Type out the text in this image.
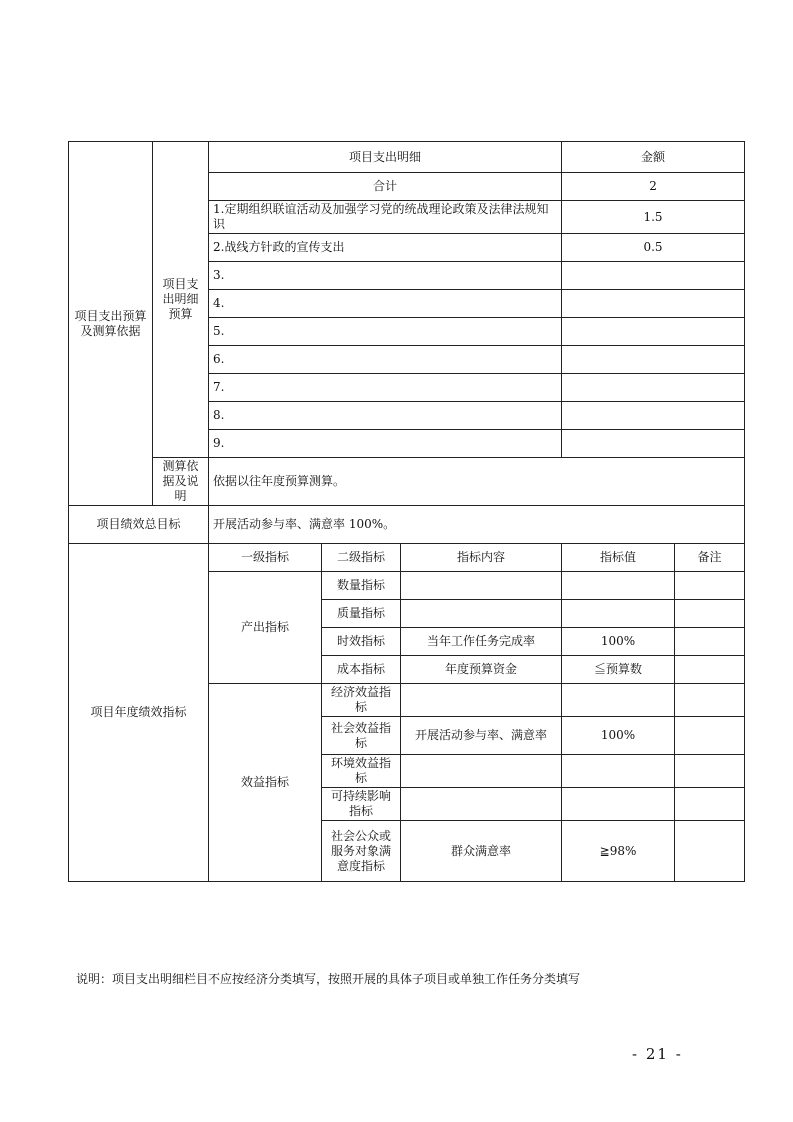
项目支出预算及测算依据	项目支出明细预算	项目支出明细			金额	
		合计			2	
		1.定期组织联谊活动及加强学习党的统战理论政策及法律法规知识			1.5	
		2.战线方针政的宣传支出			0.5	
		3.				
		4.				
		5.				
		6.				
		7.				
		8.				
		9.				
	测算依据及说明	依据以往年度预算测算。				
项目绩效总目标		开展活动参与率、满意率 100%。				
项目年度绩效指标		一级指标	二级指标	指标内容	指标值	备注
		产出指标	数量指标			
			质量指标			
			时效指标	当年工作任务完成率	100%	
			成本指标	年度预算资金	≦预算数	
		效益指标	经济效益指标			
			社会效益指标	开展活动参与率、满意率	100%	
			环境效益指标			
			可持续影响指标			
			社会公众或服务对象满意度指标	群众满意率	≧98%	
说明：项目支出明细栏目不应按经济分类填写，按照开展的具体子项目或单独工作任务分类填写
- 21 -
